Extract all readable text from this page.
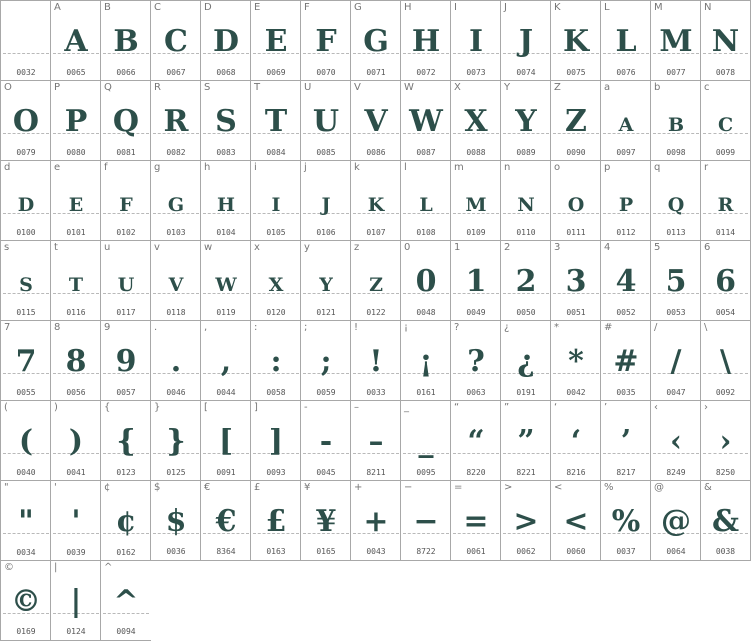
0032
A
A
0065
B
B
0066
C
C
0067
D
D
0068
E
E
0069
F
F
0070
G
G
0071
H
H
0072
I
I
0073
J
J
0074
K
K
0075
L
L
0076
M
M
0077
N
N
0078
O
O
0079
P
P
0080
Q
Q
0081
R
R
0082
S
S
0083
T
T
0084
U
U
0085
V
V
0086
W
W
0087
X
X
0088
Y
Y
0089
Z
Z
0090
a
A
0097
b
B
0098
c
C
0099
d
D
0100
e
E
0101
f
F
0102
g
G
0103
h
H
0104
i
I
0105
j
J
0106
k
K
0107
l
L
0108
m
M
0109
n
N
0110
o
O
0111
p
P
0112
q
Q
0113
r
R
0114
s
S
0115
t
T
0116
u
U
0117
v
V
0118
w
W
0119
x
X
0120
y
Y
0121
z
Z
0122
0
0
0048
1
1
0049
2
2
0050
3
3
0051
4
4
0052
5
5
0053
6
6
0054
7
7
0055
8
8
0056
9
9
0057
.
.
0046
,
,
0044
:
:
0058
;
;
0059
!
!
0033
¡
¡
0161
?
?
0063
¿
¿
0191
*
*
0042
#
#
0035
/
/
0047
\
\
0092
(
(
0040
)
)
0041
{
{
0123
}
}
0125
[
[
0091
]
]
0093
-
-
0045
–
–
8211
_
_
0095
“
“
8220
”
”
8221
‘
‘
8216
’
’
8217
‹
‹
8249
›
›
8250
"
"
0034
'
'
0039
¢
¢
0162
$
$
0036
€
€
8364
£
£
0163
¥
¥
0165
+
+
0043
−
−
8722
=
=
0061
>
>
0062
<
<
0060
%
%
0037
@
@
0064
&
&
0038
©
©
0169
|
|
0124
^
^
0094
